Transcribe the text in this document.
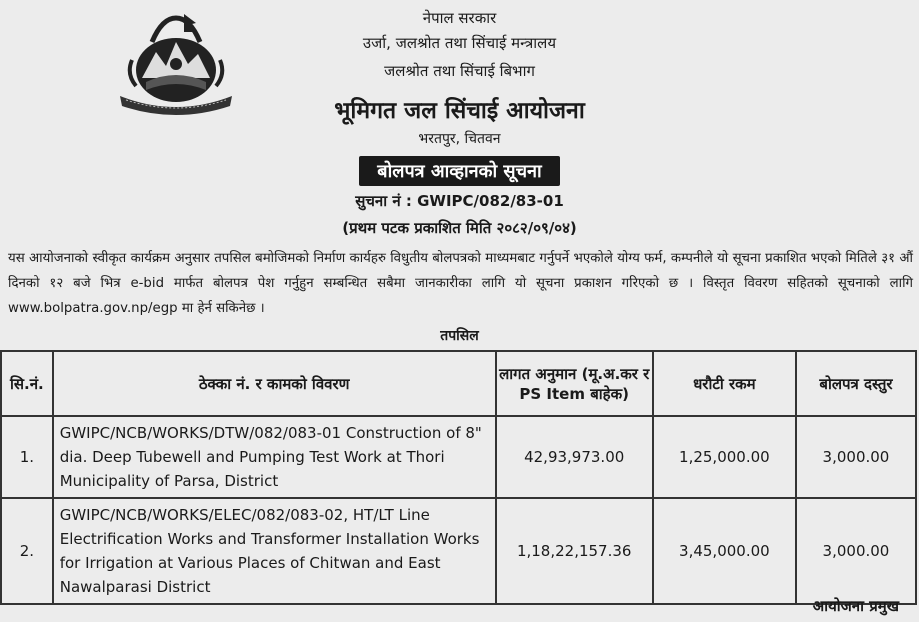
नेपाल सरकार
उर्जा, जलश्रोत तथा सिंचाई मन्त्रालय
जलश्रोत तथा सिंचाई बिभाग
भूमिगत जल सिंचाई आयोजना
भरतपुर, चितवन
बोलपत्र आव्हानको सूचना
सुचना नं : GWIPC/082/83-01
(प्रथम पटक प्रकाशित मिति २०८२/०९/०४)

यस आयोजनाको स्वीकृत कार्यक्रम अनुसार तपसिल बमोजिमको निर्माण कार्यहरु विधुतीय बोलपत्रको माध्यमबाट गर्नुपर्ने भएकोले योग्य फर्म, कम्पनीले यो सूचना प्रकाशित भएको मितिले ३१ औं दिनको १२ बजे भित्र e-bid मार्फत बोलपत्र पेश गर्नुहुन सम्बन्धित सबैमा जानकारीका लागि यो सूचना प्रकाशन गरिएको छ । विस्तृत विवरण सहितको सूचनाको लागि www.bolpatra.gov.np/egp मा हेर्न सकिनेछ ।

तपसिल
सि.नं.	ठेक्का नं. र कामको विवरण	लागत अनुमान (मू.अ.कर र PS Item बाहेक)	धरौटी रकम	बोलपत्र दस्तुर
1.	GWIPC/NCB/WORKS/DTW/082/083-01 Construction of 8" dia. Deep Tubewell and Pumping Test Work at Thori Municipality of Parsa, District	42,93,973.00	1,25,000.00	3,000.00
2.	GWIPC/NCB/WORKS/ELEC/082/083-02, HT/LT Line Electrification Works and Transformer Installation Works for Irrigation at Various Places of Chitwan and East Nawalparasi District	1,18,22,157.36	3,45,000.00	3,000.00
आयोजना प्रमुख
